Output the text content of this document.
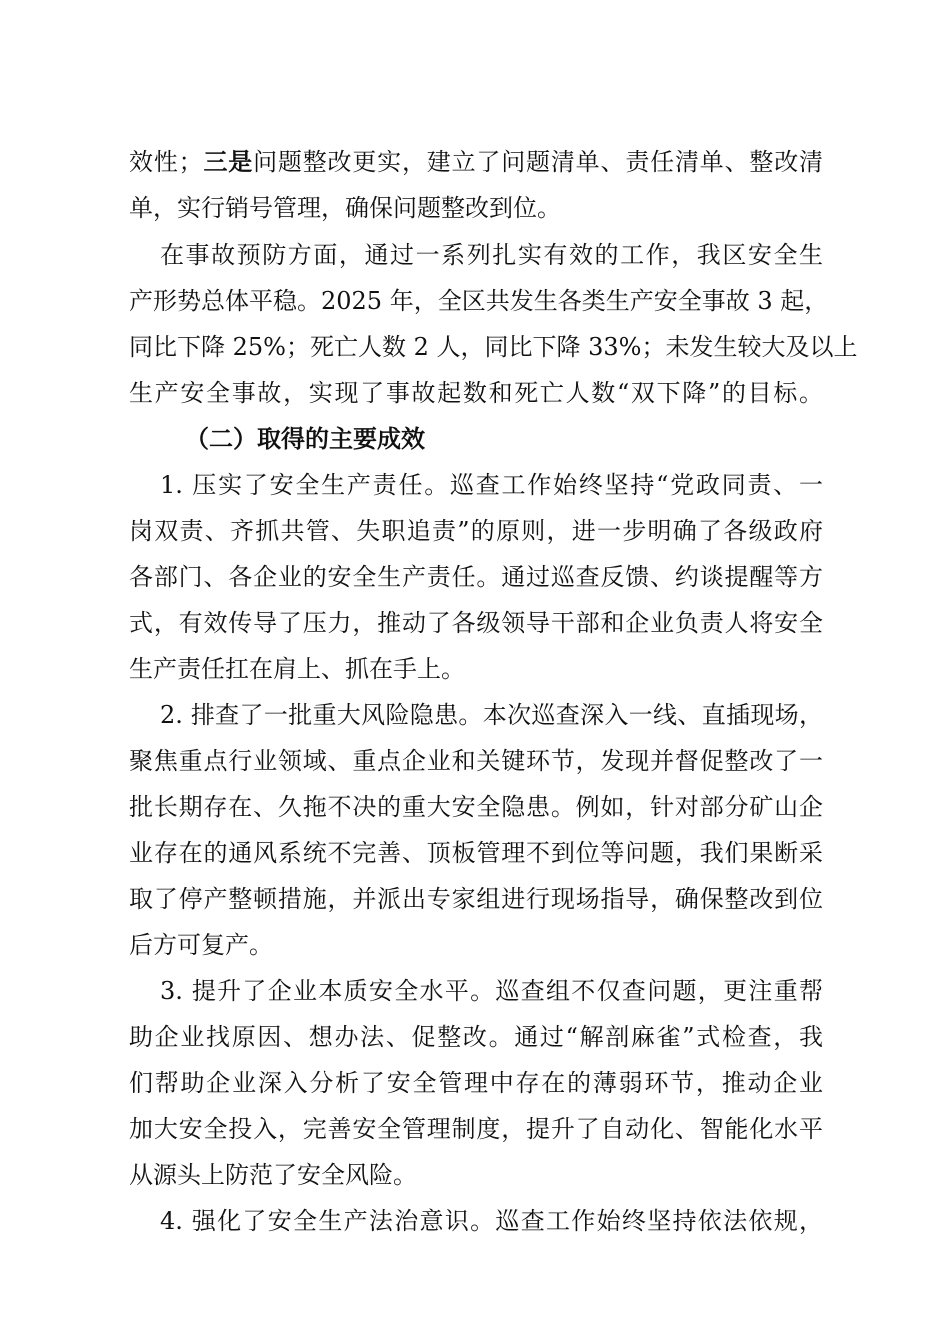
效性；三是问题整改更实，建立了问题清单、责任清单、整改清
单，实行销号管理，确保问题整改到位。
在事故预防方面，通过一系列扎实有效的工作，我区安全生
产形势总体平稳。2025 年，全区共发生各类生产安全事故 3 起，
同比下降 25%；死亡人数 2 人，同比下降 33%；未发生较大及以上
生产安全事故，实现了事故起数和死亡人数“双下降”的目标。
（二）取得的主要成效
1. 压实了安全生产责任。巡查工作始终坚持“党政同责、一
岗双责、齐抓共管、失职追责”的原则，进一步明确了各级政府
各部门、各企业的安全生产责任。通过巡查反馈、约谈提醒等方
式，有效传导了压力，推动了各级领导干部和企业负责人将安全
生产责任扛在肩上、抓在手上。
2. 排查了一批重大风险隐患。本次巡查深入一线、直插现场，
聚焦重点行业领域、重点企业和关键环节，发现并督促整改了一
批长期存在、久拖不决的重大安全隐患。例如，针对部分矿山企
业存在的通风系统不完善、顶板管理不到位等问题，我们果断采
取了停产整顿措施，并派出专家组进行现场指导，确保整改到位
后方可复产。
3. 提升了企业本质安全水平。巡查组不仅查问题，更注重帮
助企业找原因、想办法、促整改。通过“解剖麻雀”式检查，我
们帮助企业深入分析了安全管理中存在的薄弱环节，推动企业
加大安全投入，完善安全管理制度，提升了自动化、智能化水平
从源头上防范了安全风险。
4. 强化了安全生产法治意识。巡查工作始终坚持依法依规，
